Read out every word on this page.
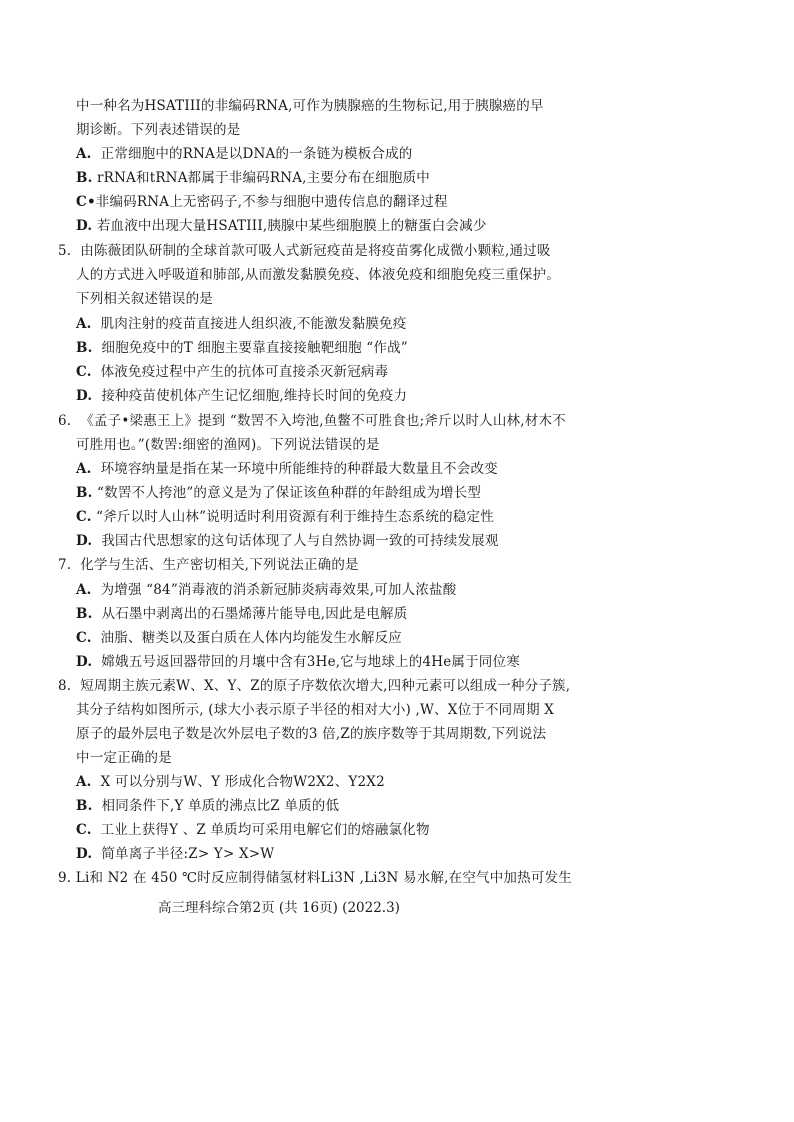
中一种名为HSATIII的非编码RNA,可作为胰腺癌的生物标记,用于胰腺癌的早
期诊断。下列表述错误的是
A. 正常细胞中的RNA是以DNA的一条链为模板合成的
B. rRNA和tRNA都属于非编码RNA,主要分布在细胞质中
C•非编码RNA上无密码子,不参与细胞中遗传信息的翻译过程
D. 若血液中出现大量HSATIII,胰腺中某些细胞膜上的糖蛋白会减少
5. 由陈薇团队研制的全球首款可吸人式新冠疫苗是将疫苗雾化成微小颗粒,通过吸
人的方式进入呼吸道和肺部,从而激发黏膜免疫、体液免疫和细胞免疫三重保护。
下列相关叙述错误的是
A. 肌肉注射的疫苗直接进人组织液,不能激发黏膜免疫
B. 细胞免疫中的T 细胞主要靠直接接触靶细胞 “作战”
C. 体液免疫过程中产生的抗体可直接杀灭新冠病毒
D. 接种疫苗使机体产生记忆细胞,维持长时间的免疫力
6. 《孟子•梁惠王上》提到 “数罟不入垮池,鱼鳖不可胜食也;斧斤以时人山林,材木不
可胜用也。”(数罟:细密的渔网)。下列说法错误的是
A. 环境容纳量是指在某一环境中所能维持的种群最大数量且不会改变
B. “数罟不人挎池”的意义是为了保证该鱼种群的年龄组成为增长型
C. “斧斤以时人山林”说明适时利用资源有利于维持生态系统的稳定性
D. 我国古代思想家的这句话体现了人与自然协调一致的可持续发展观
7. 化学与生活、生产密切相关,下列说法正确的是
A. 为增强 “84”消毒液的消杀新冠肺炎病毒效果,可加人浓盐酸
B. 从石墨中剥离出的石墨烯薄片能导电,因此是电解质
C. 油脂、糖类以及蛋白质在人体内均能发生水解反应
D. 嫦娥五号返回器带回的月壤中含有3He,它与地球上的4He属于同位寒
8. 短周期主族元素W、X、Y、Z的原子序数依次增大,四种元素可以组成一种分子簇,
其分子结构如图所示, (球大小表示原子半径的相对大小) ,W、X位于不同周期 X
原子的最外层电子数是次外层电子数的3 倍,Z的族序数等于其周期数,下列说法
中一定正确的是
A. X 可以分别与W、Y 形成化合物W2X2、Y2X2
B. 相同条件下,Y 单质的沸点比Z 单质的低
C. 工业上获得Y 、Z 单质均可采用电解它们的熔融氯化物
D. 简单离子半径:Z> Y> X>W
9. Li和 N2 在 450 ℃时反应制得储氢材料Li3N ,Li3N 易水解,在空气中加热可发生
高三理科综合第2页 (共 16页) (2022.3)
